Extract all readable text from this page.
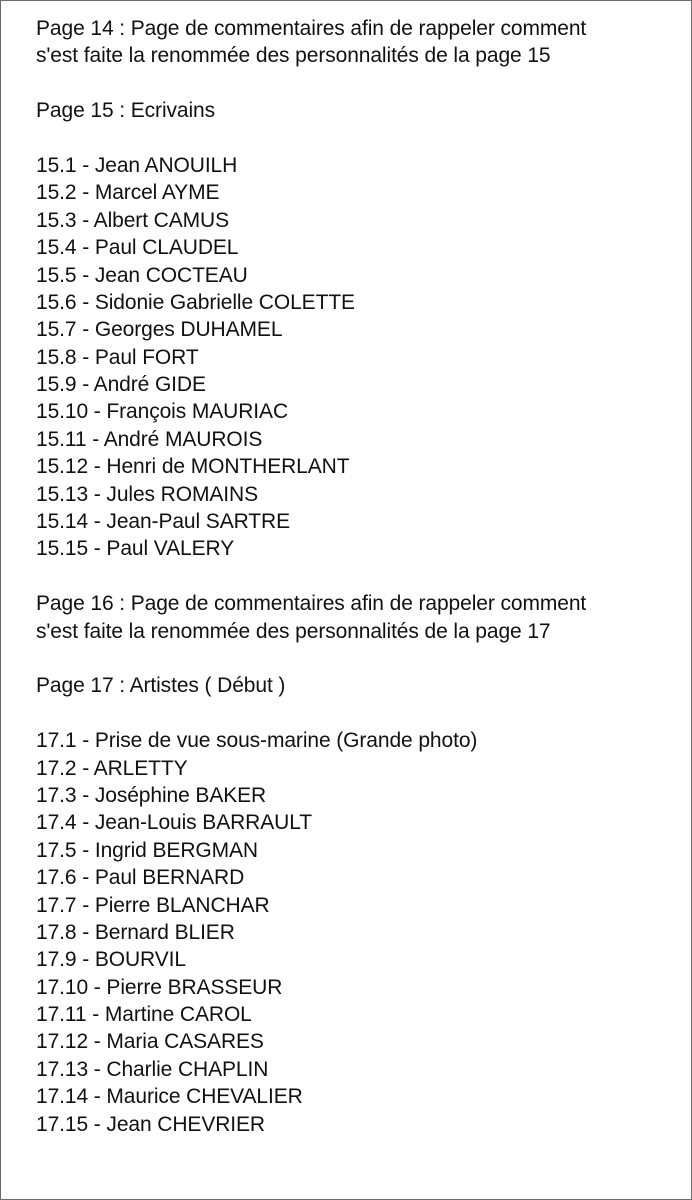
Page 14 : Page de commentaires afin de rappeler comment
s'est faite la renommée des personnalités de la page 15
Page 15 : Ecrivains
15.1 - Jean ANOUILH
15.2 - Marcel AYME
15.3 - Albert CAMUS
15.4 - Paul CLAUDEL
15.5 - Jean COCTEAU
15.6 - Sidonie Gabrielle COLETTE
15.7 - Georges DUHAMEL
15.8 - Paul FORT
15.9 - André GIDE
15.10 - François MAURIAC
15.11 - André MAUROIS
15.12 - Henri de MONTHERLANT
15.13 - Jules ROMAINS
15.14 - Jean-Paul SARTRE
15.15 - Paul VALERY
Page 16 : Page de commentaires afin de rappeler comment
s'est faite la renommée des personnalités de la page 17
Page 17 : Artistes ( Début )
17.1 - Prise de vue sous-marine (Grande photo)
17.2 - ARLETTY
17.3 - Joséphine BAKER
17.4 - Jean-Louis BARRAULT
17.5 - Ingrid BERGMAN
17.6 - Paul BERNARD
17.7 - Pierre BLANCHAR
17.8 - Bernard BLIER
17.9 - BOURVIL
17.10 - Pierre BRASSEUR
17.11 - Martine CAROL
17.12 - Maria CASARES
17.13 - Charlie CHAPLIN
17.14 - Maurice CHEVALIER
17.15 - Jean CHEVRIER
